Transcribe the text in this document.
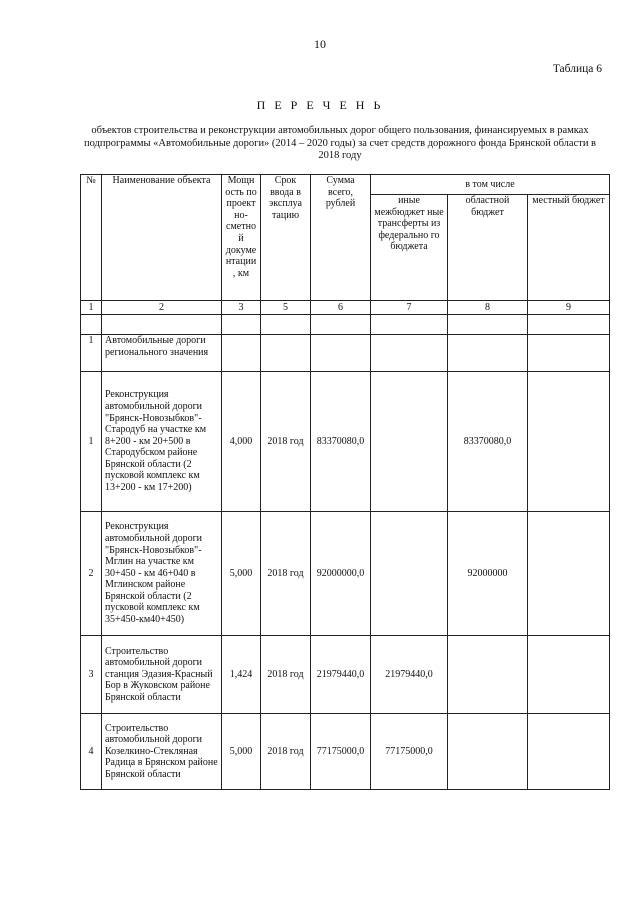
10
Таблица 6
П Е Р Е Ч Е Н Ь
объектов строительства и реконструкции автомобильных дорог общего пользования, финансируемых в рамках подпрограммы «Автомобильные дороги» (2014 – 2020 годы) за счет средств дорожного фонда Брянской области в 2018 году
№	Наименование объекта	Мощн ость по проект но-сметно й докуме нтации , км	Срок ввода в эксплуа тацию	Сумма всего, рублей	в том числе		
					иные межбюджет ные трансферты из федерально го бюджета	областной бюджет	местный бюджет
1	2	3	5	6	7	8	9

1	Автомобильные дороги регионального значения						
1	Реконструкция автомобильной дороги "Брянск-Новозыбков"-Стародуб на участке км 8+200 - км 20+500 в Стародубском районе Брянской области (2 пусковой комплекс км 13+200 - км 17+200)	4,000	2018 год	83370080,0		83370080,0	
2	Реконструкция автомобильной дороги "Брянск-Новозыбков"-Мглин на участке км 30+450 - км 46+040 в Мглинском районе Брянской области (2 пусковой комплекс км 35+450-км40+450)	5,000	2018 год	92000000,0		92000000	
3	Строительство автомобильной дороги станция Эдазия-Красный Бор в Жуковском районе Брянской области	1,424	2018 год	21979440,0	21979440,0		
4	Строительство автомобильной дороги Козелкино-Стекляная Радица в Брянском районе Брянской области	5,000	2018 год	77175000,0	77175000,0		
